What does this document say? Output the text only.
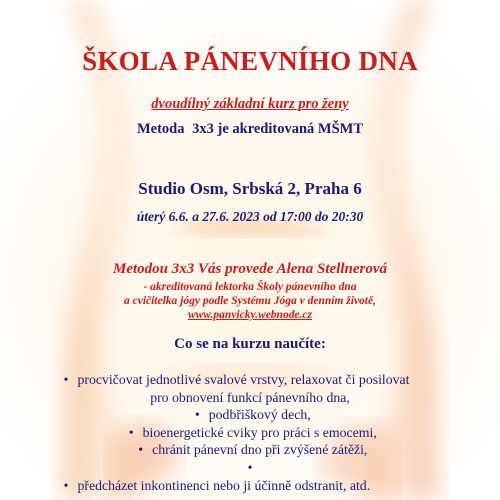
ŠKOLA PÁNEVNÍHO DNA
dvoudílný základní kurz pro ženy
Metoda 3x3 je akreditovaná MŠMT
Studio Osm, Srbská 2, Praha 6
úterý 6.6. a 27.6. 2023 od 17:00 do 20:30
Metodou 3x3 Vás provede Alena Stellnerová
- akreditovaná lektorka Školy pánevního dna
a cvičitelka jógy podle Systému Jóga v denním životě,
www.panvicky.webnode.cz
Co se na kurzu naučíte:
• procvičovat jednotlivé svalové vrstvy, relaxovat či posilovat
pro obnovení funkcí pánevního dna,
• podbřiškový dech,
• bioenergetické cviky pro práci s emocemi,
• chránit pánevní dno při zvýšené zátěži,
•
• předcházet inkontinenci nebo ji účinně odstranit, atd.
